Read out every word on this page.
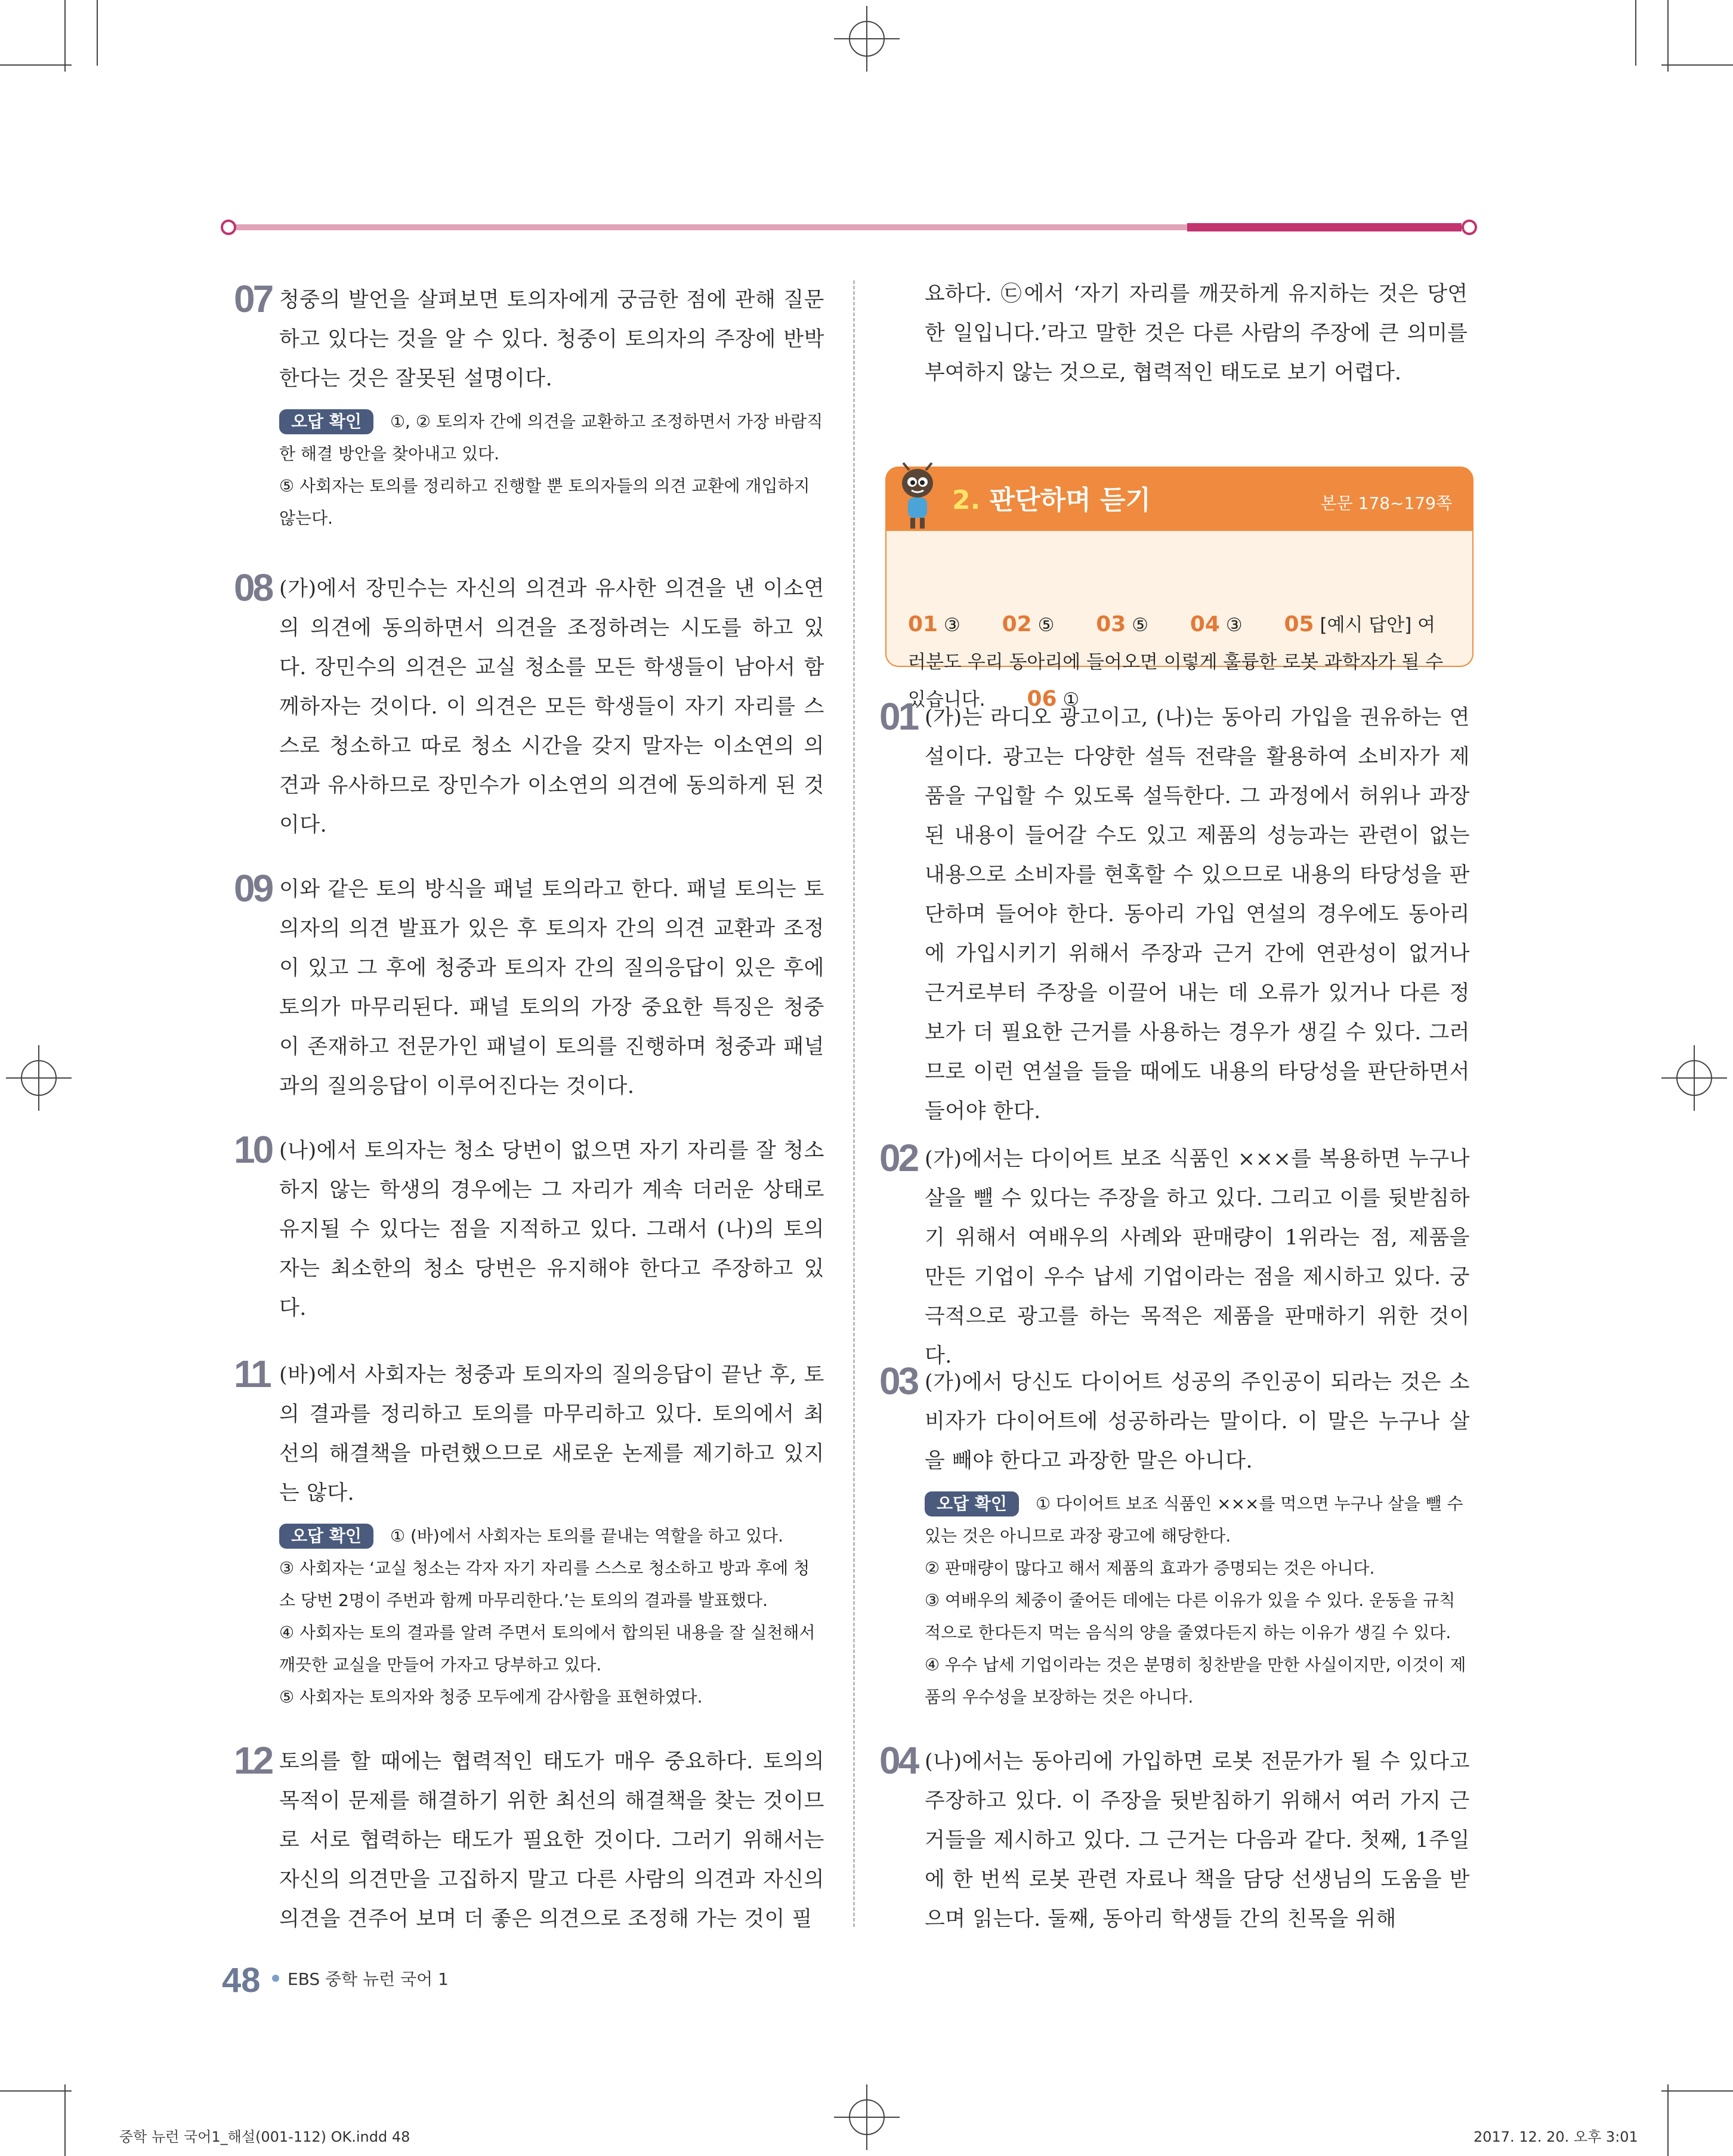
07 청중의 발언을 살펴보면 토의자에게 궁금한 점에 관해 질문하고 있다는 것을 알 수 있다. 청중이 토의자의 주장에 반박한다는 것은 잘못된 설명이다.

오답 확인 ①, ② 토의자 간에 의견을 교환하고 조정하면서 가장 바람직한 해결 방안을 찾아내고 있다.

⑤ 사회자는 토의를 정리하고 진행할 뿐 토의자들의 의견 교환에 개입하지 않는다.

08 (가)에서 장민수는 자신의 의견과 유사한 의견을 낸 이소연의 의견에 동의하면서 의견을 조정하려는 시도를 하고 있다. 장민수의 의견은 교실 청소를 모든 학생들이 남아서 함께하자는 것이다. 이 의견은 모든 학생들이 자기 자리를 스스로 청소하고 따로 청소 시간을 갖지 말자는 이소연의 의견과 유사하므로 장민수가 이소연의 의견에 동의하게 된 것이다.

09 이와 같은 토의 방식을 패널 토의라고 한다. 패널 토의는 토의자의 의견 발표가 있은 후 토의자 간의 의견 교환과 조정이 있고 그 후에 청중과 토의자 간의 질의응답이 있은 후에 토의가 마무리된다. 패널 토의의 가장 중요한 특징은 청중이 존재하고 전문가인 패널이 토의를 진행하며 청중과 패널과의 질의응답이 이루어진다는 것이다.

10 (나)에서 토의자는 청소 당번이 없으면 자기 자리를 잘 청소하지 않는 학생의 경우에는 그 자리가 계속 더러운 상태로 유지될 수 있다는 점을 지적하고 있다. 그래서 (나)의 토의자는 최소한의 청소 당번은 유지해야 한다고 주장하고 있다.

11 (바)에서 사회자는 청중과 토의자의 질의응답이 끝난 후, 토의 결과를 정리하고 토의를 마무리하고 있다. 토의에서 최선의 해결책을 마련했으므로 새로운 논제를 제기하고 있지는 않다.

오답 확인 ① (바)에서 사회자는 토의를 끝내는 역할을 하고 있다.

③ 사회자는 ‘교실 청소는 각자 자기 자리를 스스로 청소하고 방과 후에 청소 당번 2명이 주번과 함께 마무리한다.’는 토의의 결과를 발표했다.

④ 사회자는 토의 결과를 알려 주면서 토의에서 합의된 내용을 잘 실천해서 깨끗한 교실을 만들어 가자고 당부하고 있다.

⑤ 사회자는 토의자와 청중 모두에게 감사함을 표현하였다.

12 토의를 할 때에는 협력적인 태도가 매우 중요하다. 토의의 목적이 문제를 해결하기 위한 최선의 해결책을 찾는 것이므로 서로 협력하는 태도가 필요한 것이다. 그러기 위해서는 자신의 의견만을 고집하지 말고 다른 사람의 의견과 자신의 의견을 견주어 보며 더 좋은 의견으로 조정해 가는 것이 필

요하다. ㉢에서 ‘자기 자리를 깨끗하게 유지하는 것은 당연한 일입니다.’라고 말한 것은 다른 사람의 주장에 큰 의미를 부여하지 않는 것으로, 협력적인 태도로 보기 어렵다.

2. 판단하며 듣기	본문 178~179쪽

01 ③ 02 ⑤ 03 ⑤ 04 ③ 05 [예시 답안] 여러분도 우리 동아리에 들어오면 이렇게 훌륭한 로봇 과학자가 될 수 있습니다. 06 ①

01 (가)는 라디오 광고이고, (나)는 동아리 가입을 권유하는 연설이다. 광고는 다양한 설득 전략을 활용하여 소비자가 제품을 구입할 수 있도록 설득한다. 그 과정에서 허위나 과장된 내용이 들어갈 수도 있고 제품의 성능과는 관련이 없는 내용으로 소비자를 현혹할 수 있으므로 내용의 타당성을 판단하며 들어야 한다. 동아리 가입 연설의 경우에도 동아리에 가입시키기 위해서 주장과 근거 간에 연관성이 없거나 근거로부터 주장을 이끌어 내는 데 오류가 있거나 다른 정보가 더 필요한 근거를 사용하는 경우가 생길 수 있다. 그러므로 이런 연설을 들을 때에도 내용의 타당성을 판단하면서 들어야 한다.

02 (가)에서는 다이어트 보조 식품인 ×××를 복용하면 누구나 살을 뺄 수 있다는 주장을 하고 있다. 그리고 이를 뒷받침하기 위해서 여배우의 사례와 판매량이 1위라는 점, 제품을 만든 기업이 우수 납세 기업이라는 점을 제시하고 있다. 궁극적으로 광고를 하는 목적은 제품을 판매하기 위한 것이다.

03 (가)에서 당신도 다이어트 성공의 주인공이 되라는 것은 소비자가 다이어트에 성공하라는 말이다. 이 말은 누구나 살을 빼야 한다고 과장한 말은 아니다.

오답 확인 ① 다이어트 보조 식품인 ×××를 먹으면 누구나 살을 뺄 수 있는 것은 아니므로 과장 광고에 해당한다.

② 판매량이 많다고 해서 제품의 효과가 증명되는 것은 아니다.

③ 여배우의 체중이 줄어든 데에는 다른 이유가 있을 수 있다. 운동을 규칙적으로 한다든지 먹는 음식의 양을 줄였다든지 하는 이유가 생길 수 있다.

④ 우수 납세 기업이라는 것은 분명히 칭찬받을 만한 사실이지만, 이것이 제품의 우수성을 보장하는 것은 아니다.

04 (나)에서는 동아리에 가입하면 로봇 전문가가 될 수 있다고 주장하고 있다. 이 주장을 뒷받침하기 위해서 여러 가지 근거들을 제시하고 있다. 그 근거는 다음과 같다. 첫째, 1주일에 한 번씩 로봇 관련 자료나 책을 담당 선생님의 도움을 받으며 읽는다. 둘째, 동아리 학생들 간의 친목을 위해

48 EBS 중학 뉴런 국어 1
중학 뉴런 국어1_해설(001-112) OK.indd 48	2017. 12. 20. 오후 3:01
